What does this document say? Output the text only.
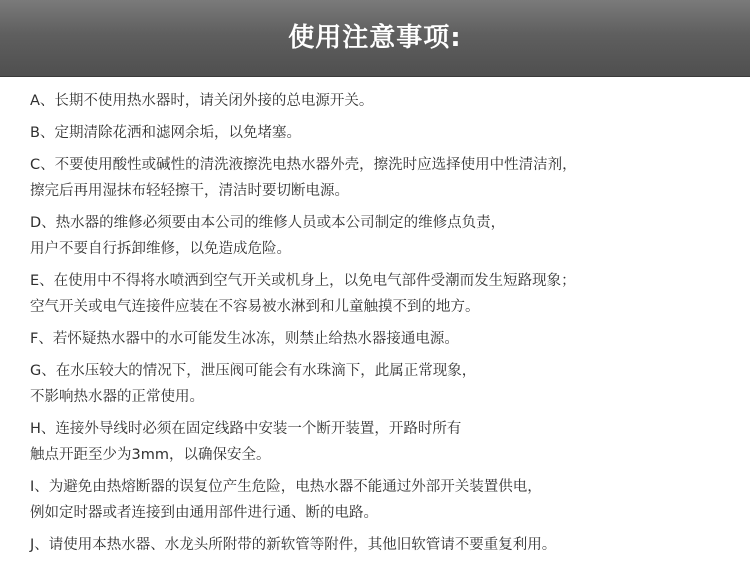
使用注意事项:
A、长期不使用热水器时，请关闭外接的总电源开关。
B、定期清除花洒和滤网余垢，以免堵塞。
C、不要使用酸性或碱性的清洗液擦洗电热水器外壳，擦洗时应选择使用中性清洁剂，
擦完后再用湿抹布轻轻擦干，清洁时要切断电源。
D、热水器的维修必须要由本公司的维修人员或本公司制定的维修点负责，
用户不要自行拆卸维修，以免造成危险。
E、在使用中不得将水喷洒到空气开关或机身上，以免电气部件受潮而发生短路现象；
空气开关或电气连接件应装在不容易被水淋到和儿童触摸不到的地方。
F、若怀疑热水器中的水可能发生冰冻，则禁止给热水器接通电源。
G、在水压较大的情况下，泄压阀可能会有水珠滴下，此属正常现象，
不影响热水器的正常使用。
H、连接外导线时必须在固定线路中安装一个断开装置，开路时所有
触点开距至少为3mm，以确保安全。
I、为避免由热熔断器的误复位产生危险，电热水器不能通过外部开关装置供电，
例如定时器或者连接到由通用部件进行通、断的电路。
J、请使用本热水器、水龙头所附带的新软管等附件，其他旧软管请不要重复利用。
